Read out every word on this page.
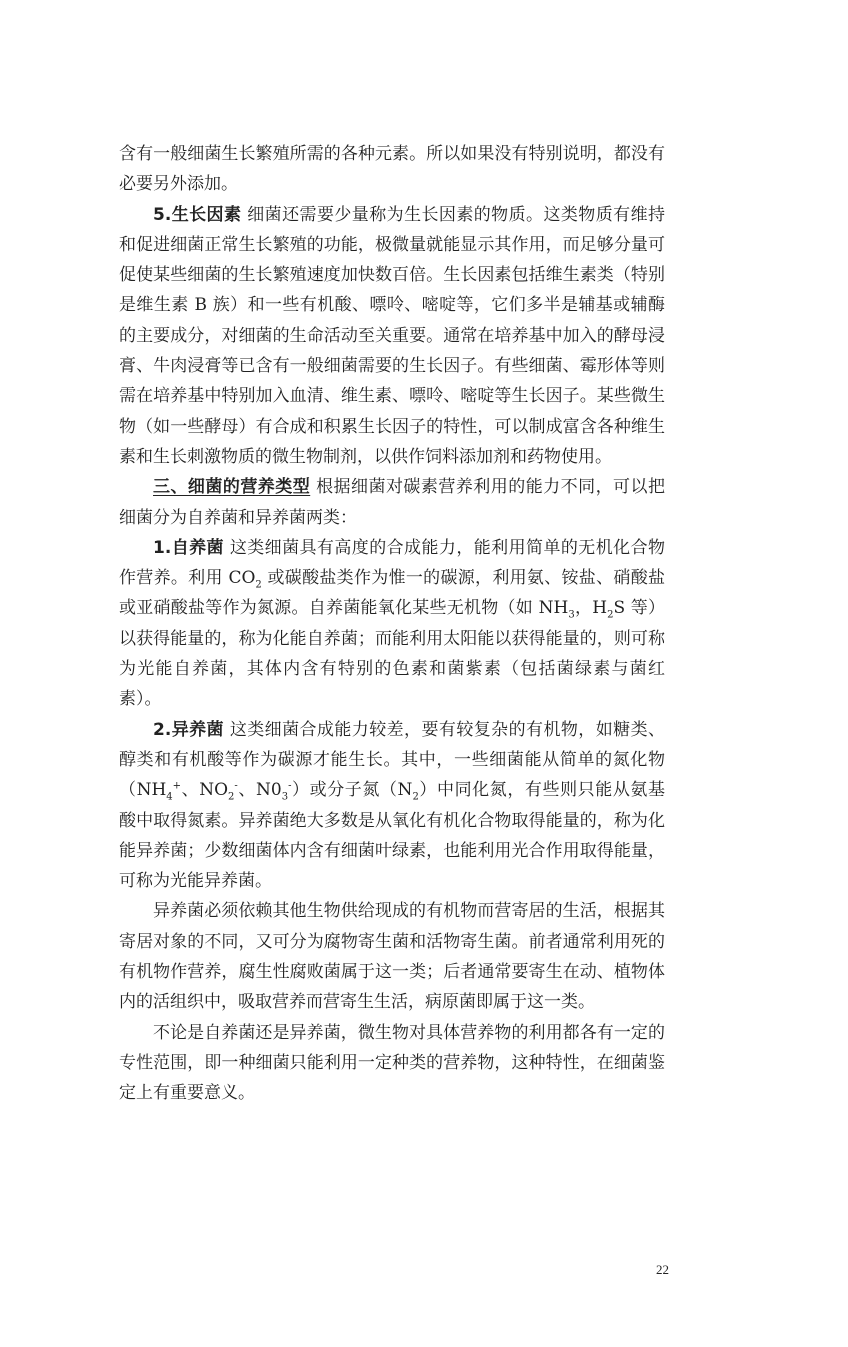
含有一般细菌生长繁殖所需的各种元素。所以如果没有特别说明，都没有必要另外添加。

5.生长因素 细菌还需要少量称为生长因素的物质。这类物质有维持和促进细菌正常生长繁殖的功能，极微量就能显示其作用，而足够分量可促使某些细菌的生长繁殖速度加快数百倍。生长因素包括维生素类（特别是维生素 B 族）和一些有机酸、嘌呤、嘧啶等，它们多半是辅基或辅酶的主要成分，对细菌的生命活动至关重要。通常在培养基中加入的酵母浸膏、牛肉浸膏等已含有一般细菌需要的生长因子。有些细菌、霉形体等则需在培养基中特别加入血清、维生素、嘌呤、嘧啶等生长因子。某些微生物（如一些酵母）有合成和积累生长因子的特性，可以制成富含各种维生素和生长刺激物质的微生物制剂，以供作饲料添加剂和药物使用。

三、细菌的营养类型 根据细菌对碳素营养利用的能力不同，可以把细菌分为自养菌和异养菌两类：

1.自养菌 这类细菌具有高度的合成能力，能利用简单的无机化合物作营养。利用 $CO_2$ 或碳酸盐类作为惟一的碳源，利用氨、铵盐、硝酸盐或亚硝酸盐等作为氮源。自养菌能氧化某些无机物（如 $NH_3$，$H_2S$ 等）以获得能量的，称为化能自养菌；而能利用太阳能以获得能量的，则可称为光能自养菌，其体内含有特别的色素和菌紫素（包括菌绿素与菌红素）。

2.异养菌 这类细菌合成能力较差，要有较复杂的有机物，如糖类、醇类和有机酸等作为碳源才能生长。其中，一些细菌能从简单的氮化物（$NH_4^+$、$NO_2^-$、$N0_3^-$）或分子氮$(N_2)$中同化氮，有些则只能从氨基酸中取得氮素。异养菌绝大多数是从氧化有机化合物取得能量的，称为化能异养菌；少数细菌体内含有细菌叶绿素，也能利用光合作用取得能量，可称为光能异养菌。

异养菌必须依赖其他生物供给现成的有机物而营寄居的生活，根据其寄居对象的不同，又可分为腐物寄生菌和活物寄生菌。前者通常利用死的有机物作营养，腐生性腐败菌属于这一类；后者通常要寄生在动、植物体内的活组织中，吸取营养而营寄生生活，病原菌即属于这一类。

不论是自养菌还是异养菌，微生物对具体营养物的利用都各有一定的专性范围，即一种细菌只能利用一定种类的营养物，这种特性，在细菌鉴定上有重要意义。

22
